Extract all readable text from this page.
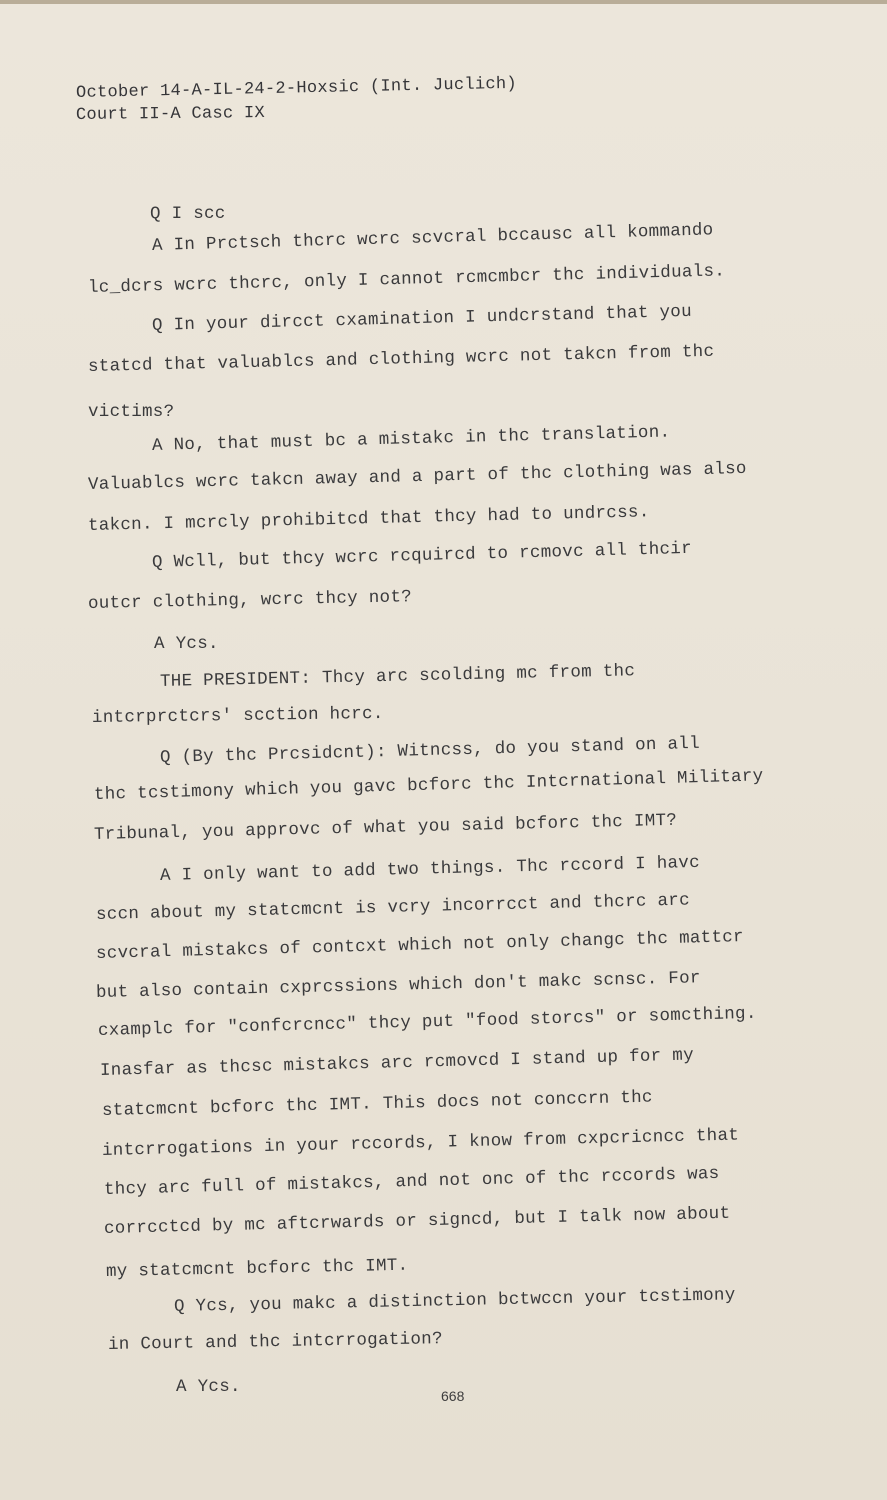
October 14-A-IL-24-2-Hoxsic (Int. Juclich)
Court II-A Casc IX
Q I scc
A In Prctsch thcrc wcrc scvcral bccausc all kommando
lc_dcrs wcrc thcrc, only I cannot rcmcmbcr thc individuals.
Q In your dircct cxamination I undcrstand that you
statcd that valuablcs and clothing wcrc not takcn from thc
victims?
A No, that must bc a mistakc in thc translation.
Valuablcs wcrc takcn away and a part of thc clothing was also
takcn. I mcrcly prohibitcd that thcy had to undrcss.
Q Wcll, but thcy wcrc rcquircd to rcmovc all thcir
outcr clothing, wcrc thcy not?
A Ycs.
THE PRESIDENT: Thcy arc scolding mc from thc
intcrprctcrs' scction hcrc.
Q (By thc Prcsidcnt): Witncss, do you stand on all
thc tcstimony which you gavc bcforc thc Intcrnational Military
Tribunal, you approvc of what you said bcforc thc IMT?
A I only want to add two things. Thc rccord I havc
sccn about my statcmcnt is vcry incorrcct and thcrc arc
scvcral mistakcs of contcxt which not only changc thc mattcr
but also contain cxprcssions which don't makc scnsc. For
cxamplc for "confcrcncc" thcy put "food storcs" or somcthing.
Inasfar as thcsc mistakcs arc rcmovcd I stand up for my
statcmcnt bcforc thc IMT. This docs not conccrn thc
intcrrogations in your rccords, I know from cxpcricncc that
thcy arc full of mistakcs, and not onc of thc rccords was
corrcctcd by mc aftcrwards or signcd, but I talk now about
my statcmcnt bcforc thc IMT.
Q Ycs, you makc a distinction bctwccn your tcstimony
in Court and thc intcrrogation?
A Ycs.	668
